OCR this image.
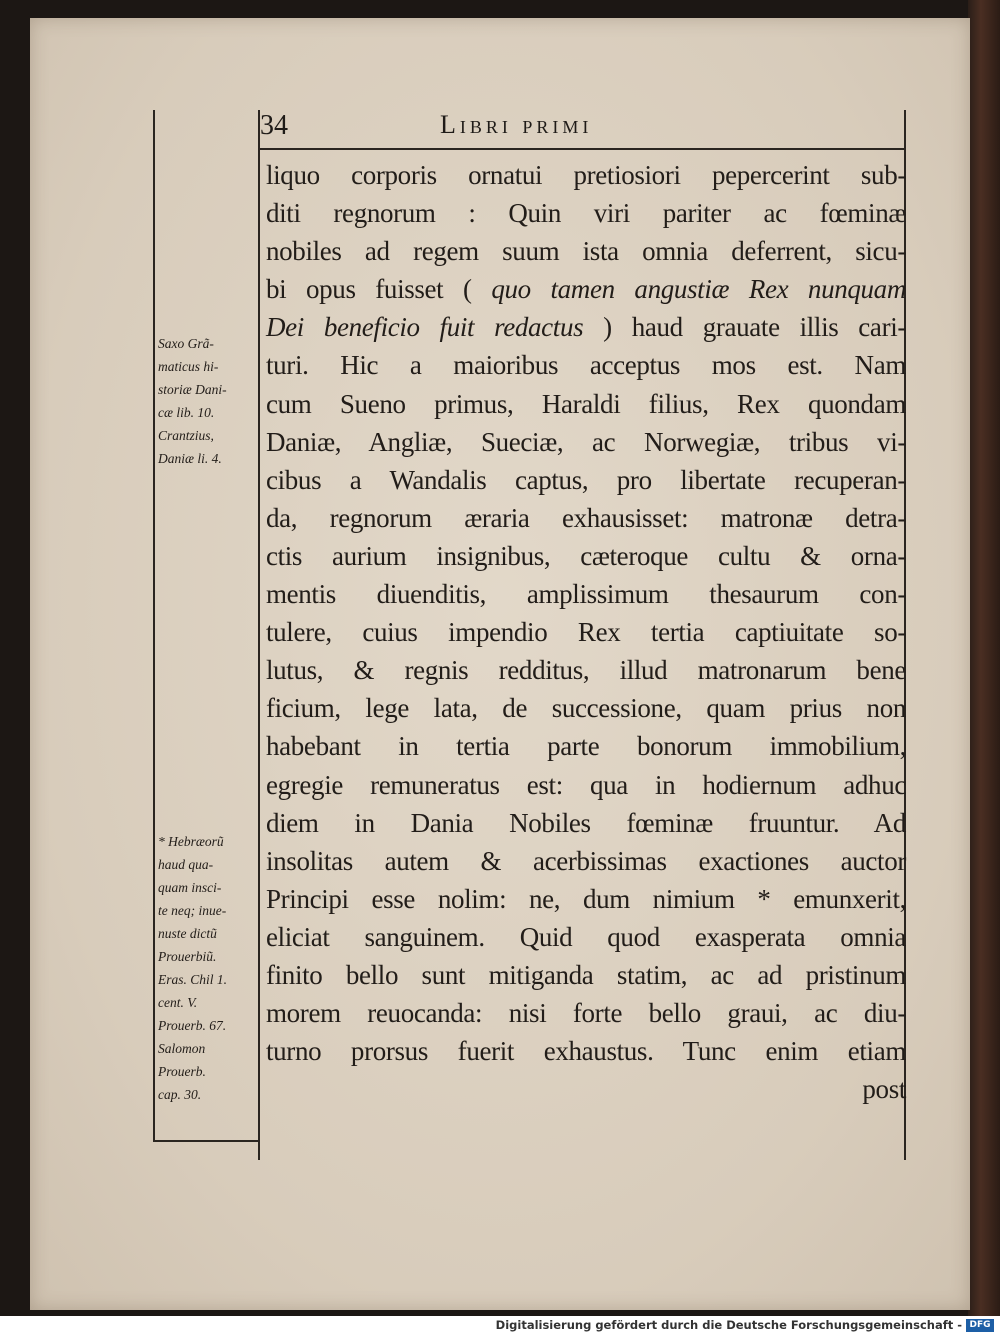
34	Libri primi
liquo corporis ornatui pretiosiori pepercerint sub-
diti regnorum : Quin viri pariter ac fœminæ
nobiles ad regem suum ista omnia deferrent, sicu-
bi opus fuisset ( quo tamen angustiæ Rex nunquam
Dei beneficio fuit redactus ) haud grauate illis cari-
turi. Hic a maioribus acceptus mos est. Nam
cum Sueno primus, Haraldi filius, Rex quondam
Daniæ, Angliæ, Sueciæ, ac Norwegiæ, tribus vi-
cibus a Wandalis captus, pro libertate recuperan-
da, regnorum æraria exhausisset: matronæ detra-
ctis aurium insignibus, cæteroque cultu & orna-
mentis diuenditis, amplissimum thesaurum con-
tulere, cuius impendio Rex tertia captiuitate so-
lutus, & regnis redditus, illud matronarum bene
ficium, lege lata, de successione, quam prius non
habebant in tertia parte bonorum immobilium,
egregie remuneratus est: qua in hodiernum adhuc
diem in Dania Nobiles fœminæ fruuntur. Ad
insolitas autem & acerbissimas exactiones auctor
Principi esse nolim: ne, dum nimium * emunxerit,
eliciat sanguinem. Quid quod exasperata omnia
finito bello sunt mitiganda statim, ac ad pristinum
morem reuocanda: nisi forte bello graui, ac diu-
turno prorsus fuerit exhaustus. Tunc enim etiam
post
Saxo Grã-
maticus hi-
storiæ Dani-
cæ lib. 10.
Crantzius,
Daniæ li. 4.
* Hebræorũ
haud qua-
quam insci-
te neq; inue-
nuste dictũ
Prouerbiũ.
Eras. Chil 1.
cent. V.
Prouerb. 67.
Salomon
Prouerb.
cap. 30.
Digitalisierung gefördert durch die Deutsche Forschungsgemeinschaft - DFG
